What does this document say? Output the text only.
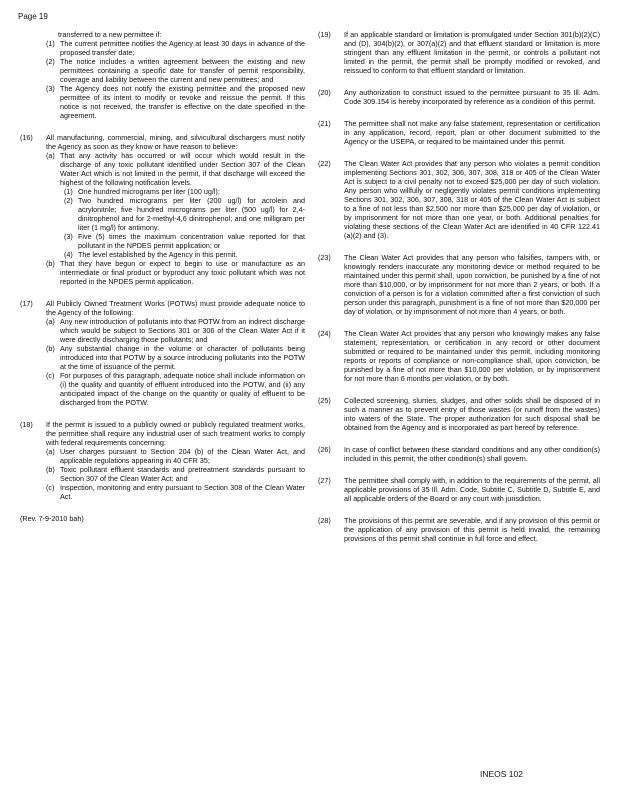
Page 19
transferred to a new permittee if:
(1) The current permittee notifies the Agency at least 30 days in advance of the proposed transfer date;
(2) The notice includes a written agreement between the existing and new permittees containing a specific date for transfer of permit responsibility, coverage and liability between the current and new permittees; and
(3) The Agency does not notify the existing permittee and the proposed new permittee of its intent to modify or revoke and reissue the permit. If this notice is not received, the transfer is effective on the date specified in the agreement.
(16) All manufacturing, commercial, mining, and silvicultural dischargers must notify the Agency as soon as they know or have reason to believe:
(a) That any activity has occurred or will occur which would result in the discharge of any toxic pollutant identified under Section 307 of the Clean Water Act which is not limited in the permit, if that discharge will exceed the highest of the following notification levels.
(1) One hundred micrograms per liter (100 ug/l);
(2) Two hundred micrograms per liter (200 ug/l) for acrolein and acrylonitrile; five hundred micrograms per liter (500 ug/l) for 2,4-dinitrophenol and for 2-methyl-4,6 dinitrophenol; and one milligram per liter (1 mg/l) for antimony.
(3) Five (5) times the maximum concentration value reported for that pollutant in the NPDES permit application; or
(4) The level established by the Agency in this permit.
(b) That they have begun or expect to begin to use or manufacture as an intermediate or final product or byproduct any toxic pollutant which was not reported in the NPDES permit application.
(17) All Publicly Owned Treatment Works (POTWs) must provide adequate notice to the Agency of the following:
(a) Any new introduction of pollutants into that POTW from an indirect discharge which would be subject to Sections 301 or 306 of the Clean Water Act if it were directly discharging those pollutants; and
(b) Any substantial change in the volume or character of pollutants being introduced into that POTW by a source introducing pollutants into the POTW at the time of issuance of the permit.
(c) For purposes of this paragraph, adequate notice shall include information on (i) the quality and quantity of effluent introduced into the POTW, and (ii) any anticipated impact of the change on the quantity or quality of effluent to be discharged from the POTW.
(18) If the permit is issued to a publicly owned or publicly regulated treatment works, the permittee shall require any industrial user of such treatment works to comply with federal requirements concerning:
(a) User charges pursuant to Section 204 (b) of the Clean Water Act, and applicable regulations appearing in 40 CFR 35;
(b) Toxic pollutant effluent standards and pretreatment standards pursuant to Section 307 of the Clean Water Act; and
(c) Inspection, monitoring and entry pursuant to Section 308 of the Clean Water Act.
(Rev. 7-9-2010 bah)
(19) If an applicable standard or limitation is promulgated under Section 301(b)(2)(C) and (D), 304(b)(2), or 307(a)(2) and that effluent standard or limitation is more stringent than any effluent limitation in the permit, or controls a pollutant not limited in the permit, the permit shall be promptly modified or revoked, and reissued to conform to that effluent standard or limitation.
(20) Any authorization to construct issued to the permittee pursuant to 35 Ill. Adm. Code 309.154 is hereby incorporated by reference as a condition of this permit.
(21) The permittee shall not make any false statement, representation or certification in any application, record, report, plan or other document submitted to the Agency or the USEPA, or required to be maintained under this permit.
(22) The Clean Water Act provides that any person who violates a permit condition implementing Sections 301, 302, 306, 307, 308, 318 or 405 of the Clean Water Act is subject to a civil penalty not to exceed $25,000 per day of such violation. Any person who willfully or negligently violates permit conditions implementing Sections 301, 302, 306, 307, 308, 318 or 405 of the Clean Water Act is subject to a fine of not less than $2,500 nor more than $25,000 per day of violation, or by imprisonment for not more than one year, or both. Additional penalties for violating these sections of the Clean Water Act are identified in 40 CFR 122.41 (a)(2) and (3).
(23) The Clean Water Act provides that any person who falsifies, tampers with, or knowingly renders inaccurate any monitoring device or method required to be maintained under this permit shall, upon conviction, be punished by a fine of not more than $10,000, or by imprisonment for not more than 2 years, or both. If a conviction of a person is for a violation committed after a first conviction of such person under this paragraph, punishment is a fine of not more than $20,000 per day of violation, or by imprisonment of not more than 4 years, or both.
(24) The Clean Water Act provides that any person who knowingly makes any false statement, representation, or certification in any record or other document submitted or required to be maintained under this permit, including monitoring reports or reports of compliance or non-compliance shall, upon conviction, be punished by a fine of not more than $10,000 per violation, or by imprisonment for not more than 6 months per violation, or by both.
(25) Collected screening, slurries, sludges, and other solids shall be disposed of in such a manner as to prevent entry of those wastes (or runoff from the wastes) into waters of the State. The proper authorization for such disposal shall be obtained from the Agency and is incorporated as part hereof by reference.
(26) In case of conflict between these standard conditions and any other condition(s) included in this permit, the other condition(s) shall govern.
(27) The permittee shall comply with, in addition to the requirements of the permit, all applicable provisions of 35 Ill. Adm. Code, Subtitle C, Subtitle D, Subtitle E, and all applicable orders of the Board or any court with jurisdiction.
(28) The provisions of this permit are severable, and if any provision of this permit or the application of any provision of this permit is held invalid, the remaining provisions of this permit shall continue in full force and effect.
INEOS 102
